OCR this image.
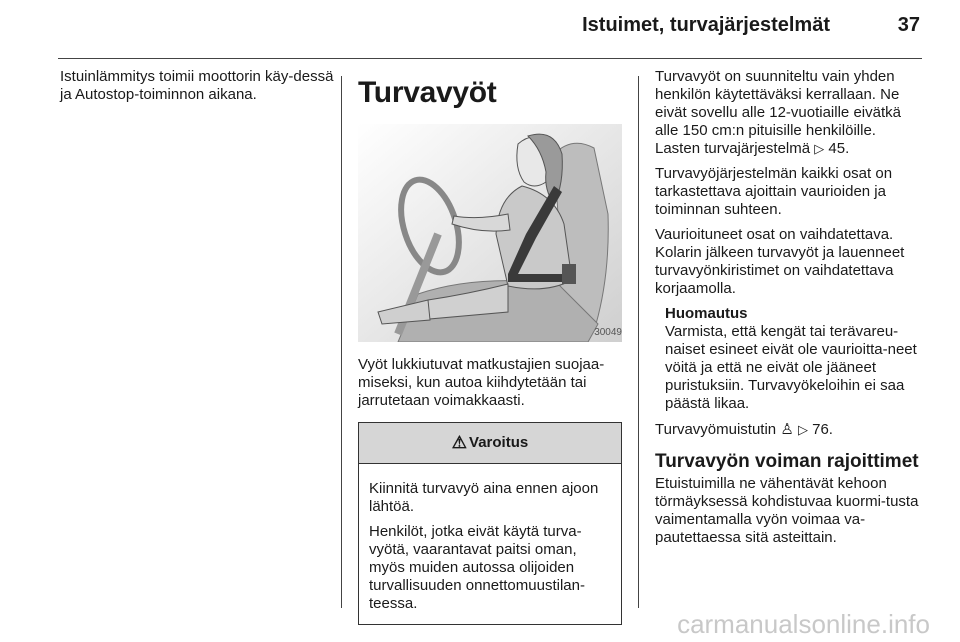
Istuimet, turvajärjestelmät	37

Istuinlämmitys toimii moottorin käy-dessä ja Autostop-toiminnon aikana.	Turvavyöt
30049

Vyöt lukkiutuvat matkustajien suojaa-miseksi, kun autoa kiihdytetään tai jarrutetaan voimakkaasti.

⚠ Varoitus

Kiinnitä turvavyö aina ennen ajoon lähtöä.

Henkilöt, jotka eivät käytä turva-vyötä, vaarantavat paitsi oman, myös muiden autossa olijoiden turvallisuuden onnettomuustilan-teessa.

Turvavyöt on suunniteltu vain yhden henkilön käytettäväksi kerrallaan. Ne eivät sovellu alle 12-vuotiaille eivätkä alle 150 cm:n pituisille henkilöille. Lasten turvajärjestelmä ▷ 45.

Turvavyöjärjestelmän kaikki osat on tarkastettava ajoittain vaurioiden ja toiminnan suhteen.

Vaurioituneet osat on vaihdatettava. Kolarin jälkeen turvavyöt ja lauenneet turvavyönkiristimet on vaihdatettava korjaamolla.

Huomautus
Varmista, että kengät tai terävareu-naiset esineet eivät ole vaurioitta-neet vöitä ja että ne eivät ole jääneet puristuksiin. Turvavyökeloihin ei saa päästä likaa.

Turvavyömuistutin ♙ ▷ 76.

Turvavyön voiman rajoittimet

Etuistuimilla ne vähentävät kehoon törmäyksessä kohdistuvaa kuormi-tusta vaimentamalla vyön voimaa va-pautettaessa sitä asteittain.

carmanualsonline.info
